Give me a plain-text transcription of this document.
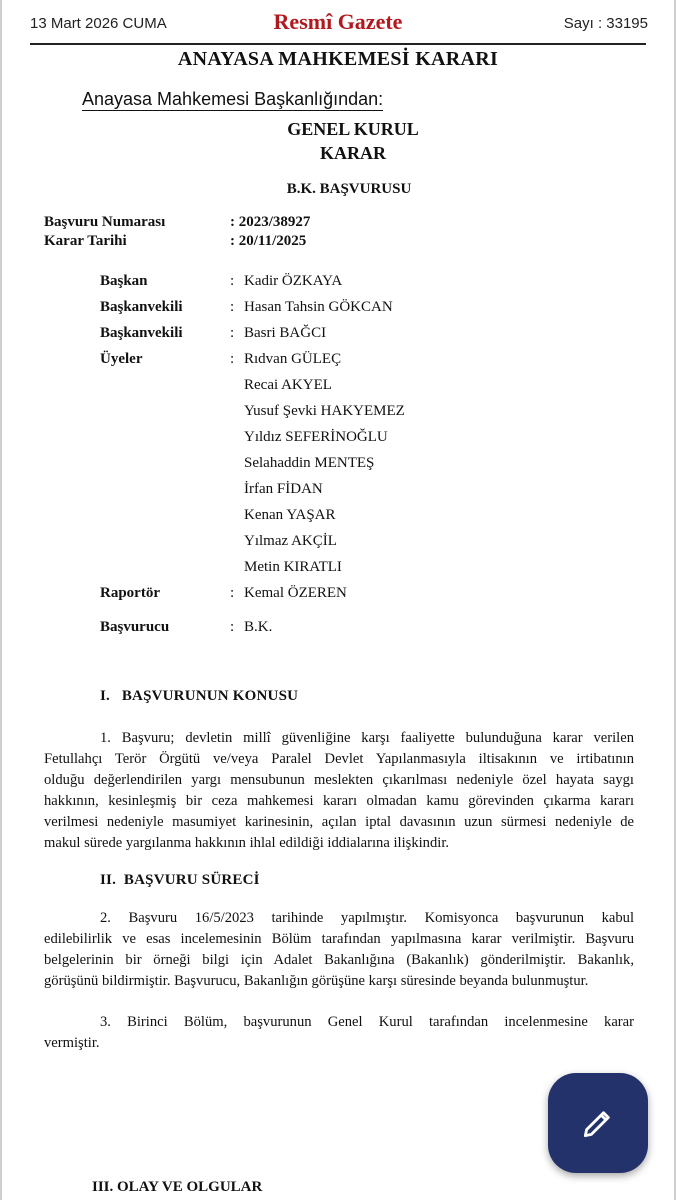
13 Mart 2026 CUMA	Resmî Gazete	Sayı : 33195
ANAYASA MAHKEMESİ KARARI
Anayasa Mahkemesi Başkanlığından:
GENEL KURUL
KARAR
B.K. BAŞVURUSU
Başvuru Numarası	: 2023/38927
Karar Tarihi	: 20/11/2025
Başkan	: Kadir ÖZKAYA
Başkanvekili	: Hasan Tahsin GÖKCAN
Başkanvekili	: Basri BAĞCI
Üyeler	: Rıdvan GÜLEÇ
Recai AKYEL
Yusuf Şevki HAKYEMEZ
Yıldız SEFERİNOĞLU
Selahaddin MENTEŞ
İrfan FİDAN
Kenan YAŞAR
Yılmaz AKÇİL
Metin KIRATLI
Raportör	: Kemal ÖZEREN
Başvurucu	: B.K.
I.   BAŞVURUNUN KONUSU
1. Başvuru; devletin millî güvenliğine karşı faaliyette bulunduğuna karar verilen
Fetullahçı Terör Örgütü ve/veya Paralel Devlet Yapılanmasıyla iltisakının ve irtibatının
olduğu değerlendirilen yargı mensubunun meslekten çıkarılması nedeniyle özel hayata saygı
hakkının, kesinleşmiş bir ceza mahkemesi kararı olmadan kamu görevinden çıkarma kararı
verilmesi nedeniyle masumiyet karinesinin, açılan iptal davasının uzun sürmesi nedeniyle de
makul sürede yargılanma hakkının ihlal edildiği iddialarına ilişkindir.
II.  BAŞVURU SÜRECİ
2. Başvuru 16/5/2023 tarihinde yapılmıştır. Komisyonca başvurunun kabul
edilebilirlik ve esas incelemesinin Bölüm tarafından yapılmasına karar verilmiştir. Başvuru
belgelerinin bir örneği bilgi için Adalet Bakanlığına (Bakanlık) gönderilmiştir. Bakanlık,
görüşünü bildirmiştir. Başvurucu, Bakanlığın görüşüne karşı süresinde beyanda bulunmuştur.
3. Birinci Bölüm, başvurunun Genel Kurul tarafından incelenmesine karar
vermiştir.
III. OLAY VE OLGULAR
